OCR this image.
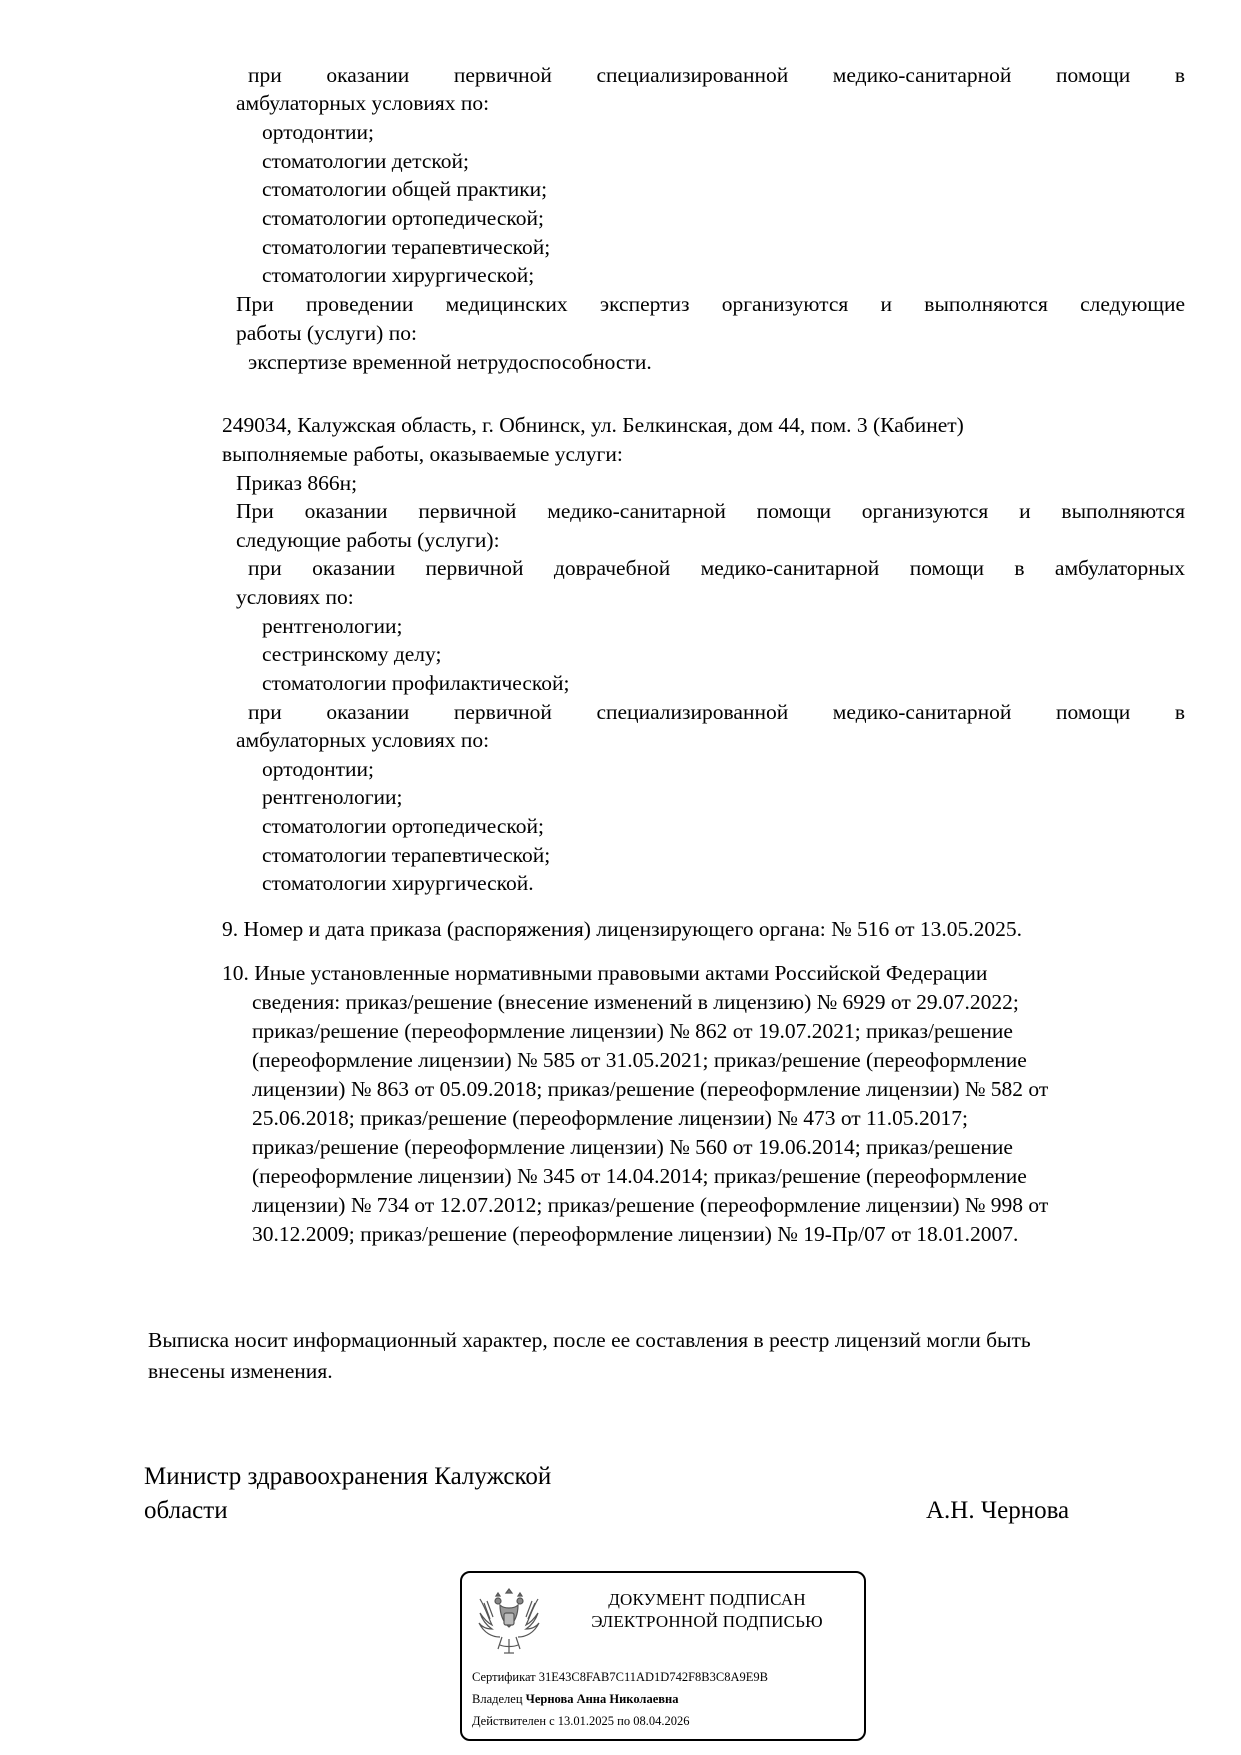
при оказании первичной специализированной медико-санитарной помощи в
амбулаторных условиях по:
ортодонтии;
стоматологии детской;
стоматологии общей практики;
стоматологии ортопедической;
стоматологии терапевтической;
стоматологии хирургической;
При проведении медицинских экспертиз организуются и выполняются следующие
работы (услуги) по:
экспертизе временной нетрудоспособности.
249034, Калужская область, г. Обнинск, ул. Белкинская, дом 44, пом. 3 (Кабинет)
выполняемые работы, оказываемые услуги:
Приказ 866н;
При оказании первичной медико-санитарной помощи организуются и выполняются
следующие работы (услуги):
при оказании первичной доврачебной медико-санитарной помощи в амбулаторных
условиях по:
рентгенологии;
сестринскому делу;
стоматологии профилактической;
при оказании первичной специализированной медико-санитарной помощи в
амбулаторных условиях по:
ортодонтии;
рентгенологии;
стоматологии ортопедической;
стоматологии терапевтической;
стоматологии хирургической.
9. Номер и дата приказа (распоряжения) лицензирующего органа: № 516 от 13.05.2025.
10. Иные установленные нормативными правовыми актами Российской Федерации
сведения: приказ/решение (внесение изменений в лицензию) № 6929 от 29.07.2022;
приказ/решение (переоформление лицензии) № 862 от 19.07.2021; приказ/решение
(переоформление лицензии) № 585 от 31.05.2021; приказ/решение (переоформление
лицензии) № 863 от 05.09.2018; приказ/решение (переоформление лицензии) № 582 от
25.06.2018; приказ/решение (переоформление лицензии) № 473 от 11.05.2017;
приказ/решение (переоформление лицензии) № 560 от 19.06.2014; приказ/решение
(переоформление лицензии) № 345 от 14.04.2014; приказ/решение (переоформление
лицензии) № 734 от 12.07.2012; приказ/решение (переоформление лицензии) № 998 от
30.12.2009; приказ/решение (переоформление лицензии) № 19-Пр/07 от 18.01.2007.
Выписка носит информационный характер, после ее составления в реестр лицензий могли быть
внесены изменения.
Министр здравоохранения Калужской
области	А.Н. Чернова
ДОКУМЕНТ ПОДПИСАН
ЭЛЕКТРОННОЙ ПОДПИСЬЮ
Сертификат 31E43C8FAB7C11AD1D742F8B3C8A9E9B
Владелец Чернова Анна Николаевна
Действителен с 13.01.2025 по 08.04.2026
